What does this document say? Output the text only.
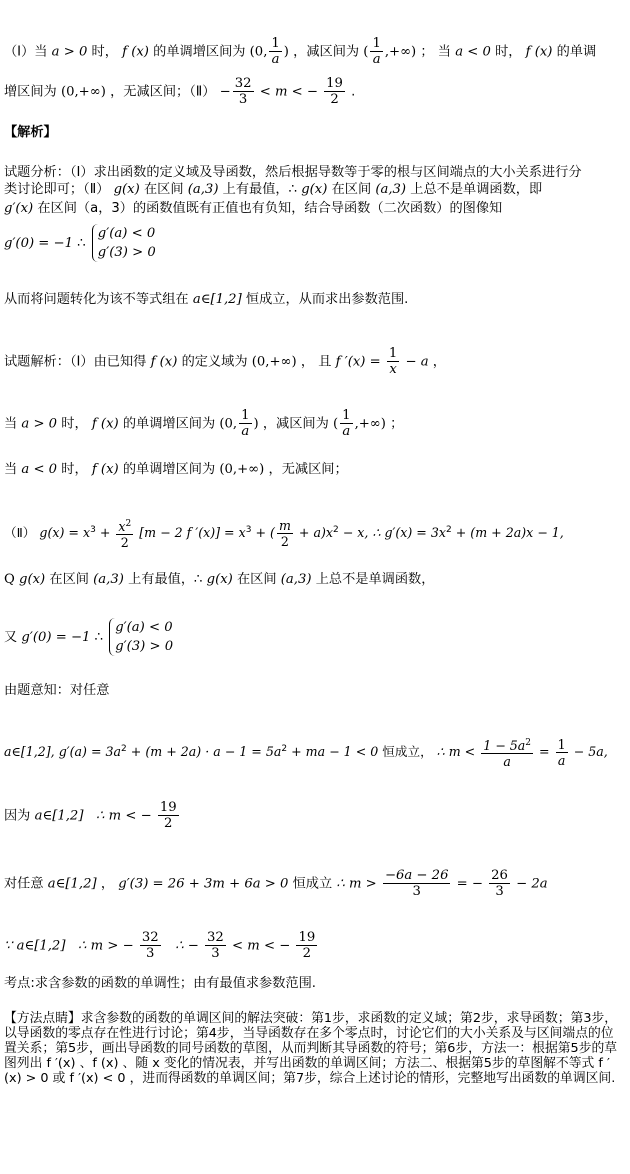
（Ⅰ）当 a > 0 时， f (x) 的单调增区间为 (0, $\frac{1}{a}$ ) ，减区间为 ( $\frac{1}{a}$ ,+∞) ； 当 a < 0 时， f (x) 的单调
增区间为 (0,+∞) ，无减区间；（Ⅱ） − $\frac{32}{3} < m$ < − $\frac{19}{2}$ .
【解析】
试题分析：（Ⅰ）求出函数的定义域及导函数，然后根据导数等于零的根与区间端点的大小关系进行分
类讨论即可；（Ⅱ） g(x) 在区间 (a,3) 上有最值，∴ g(x) 在区间 (a,3) 上总不是单调函数，即
g′(x) 在区间（a，3）的函数值既有正值也有负知，结合导函数（二次函数）的图像知
g′(0) = −1 ∴
g′(a) < 0
g′(3) > 0
从而将问题转化为该不等式组在 a∈[1,2] 恒成立，从而求出参数范围.
试题解析：（Ⅰ）由已知得 f (x) 的定义域为 (0,+∞) ， 且 f $'(x) = \frac{1}{x} - a$ ，
当 a > 0 时， f (x) 的单调增区间为 (0, $\frac{1}{a}$ ) ，减区间为 ( $\frac{1}{a}$ ,+∞) ；
当 a < 0 时， f (x) 的单调增区间为 (0,+∞) ，无减区间；
（Ⅱ） $g(x) = x^3 + \frac{x^2}{2} [m - 2$ f $'(x)] = x^3$ + ( $\frac{m}{2} + a)x^2 - x$, ∴ $g'(x) = 3x^2 + (m + 2a)x - 1$,
Q g(x) 在区间 (a,3) 上有最值，∴ g(x) 在区间 (a,3) 上总不是单调函数，
又 g′(0) = −1 ∴
g′(a) < 0
g′(3) > 0
由题意知：对任意
a∈[1,2], $g'(a) = 3a^2 + (m + 2a) \cdot a - 1 = 5a^2$ + ma − 1 < 0 恒成立， ∴ $m < \frac{1 - 5a^2}{a} = \frac{1}{a} - 5a$,
因为 a∈[1,2] ∴ m < − $\frac{19}{2}$
对任意 a∈[1,2] ， g′(3) = 26 + 3m + 6a > 0 恒成立 ∴ $m > \frac{-6a - 26}{3}$ = − $\frac{26}{3} - 2a$
∵ a∈[1,2] ∴ m > − $\frac{32}{3}$ ∴ − $\frac{32}{3} < m$ < − $\frac{19}{2}$
考点:求含参数的函数的单调性；由有最值求参数范围.
【方法点睛】求含参数的函数的单调区间的解法突破：第1步，求函数的定义域；第2步，求导函数；第3步，以导函数的零点存在性进行讨论；第4步，当导函数存在多个零点时，讨论它们的大小关系及与区间端点的位置关系；第5步，画出导函数的同号函数的草图，从而判断其导函数的符号；第6步，方法一：根据第5步的草图列出 f ′(x) 、f (x) 、随 x 变化的情况表，并写出函数的单调区间；方法二、根据第5步的草图解不等式 f ′(x) > 0 或 f ′(x) < 0 ，进而得函数的单调区间；第7步，综合上述讨论的情形，完整地写出函数的单调区间.
